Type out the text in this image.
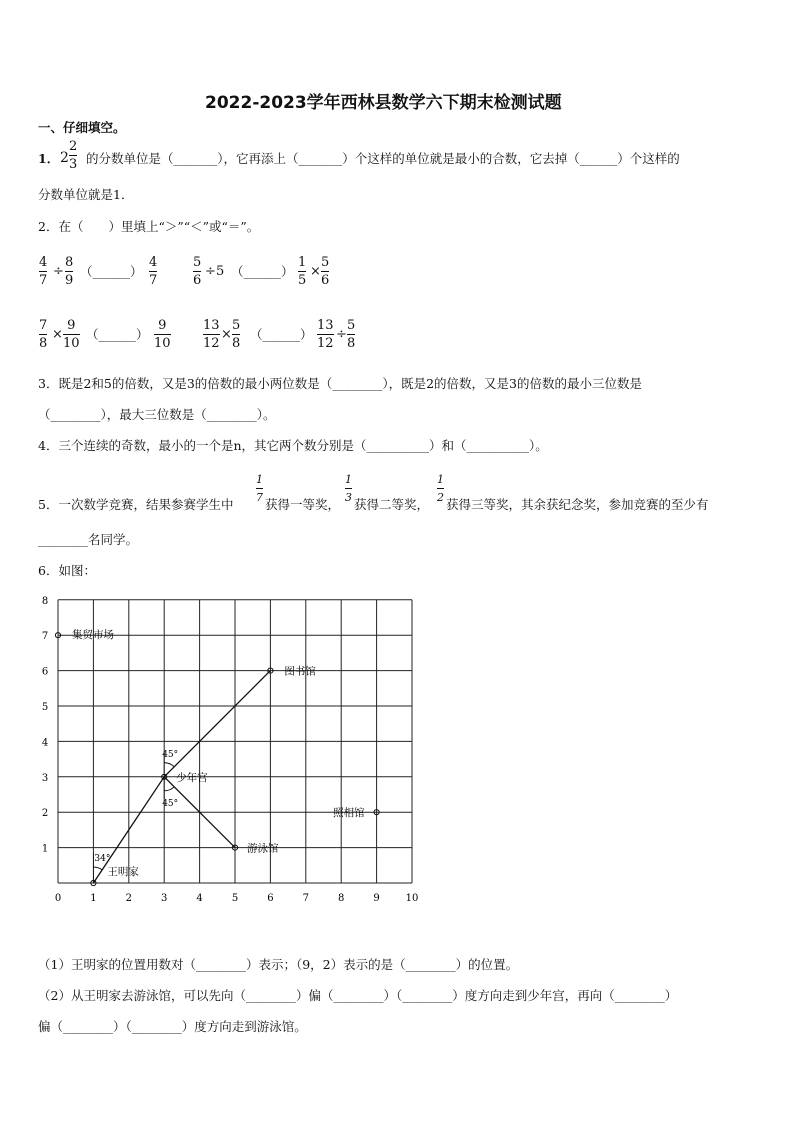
2022-2023学年西林县数学六下期末检测试题
一、仔细填空。
1． 2
2
3 的分数单位是（_______），它再添上（_______）个这样的单位就是最小的合数，它去掉（______）个这样的
分数单位就是1．
2．在（　　）里填上“＞”“＜”或“＝”。
4
7
÷
8
9
（______）
4
7
5
6
÷ 5 （______）
1
5
×
5
6
7
8
×
9
10
（______）
9
10
13
12
×
5
8
（______）
13
12
÷
5
8
3．既是2和5的倍数，又是3的倍数的最小两位数是（________），既是2的倍数，又是3的倍数的最小三位数是
（________），最大三位数是（________）。
4．三个连续的奇数，最小的一个是n，其它两个数分别是（__________）和（__________）。
5．一次数学竞赛，结果参赛学生中
1
7 获得一等奖，
1
3 获得二等奖，
1
2 获得三等奖，其余获纪念奖，参加竞赛的至少有
________名同学。
6．如图：
45°
45°
34°
0	1	2	3	4	5	6	7	8	9	10
1
2
3
4
5
6
7
8
集贸市场
图书馆
少年宫
游泳馆
照相馆
王明家
（1）王明家的位置用数对（________）表示；（9，2）表示的是（________）的位置。
（2）从王明家去游泳馆，可以先向（________）偏（________）（________）度方向走到少年宫，再向（________）
偏（________）（________）度方向走到游泳馆。
